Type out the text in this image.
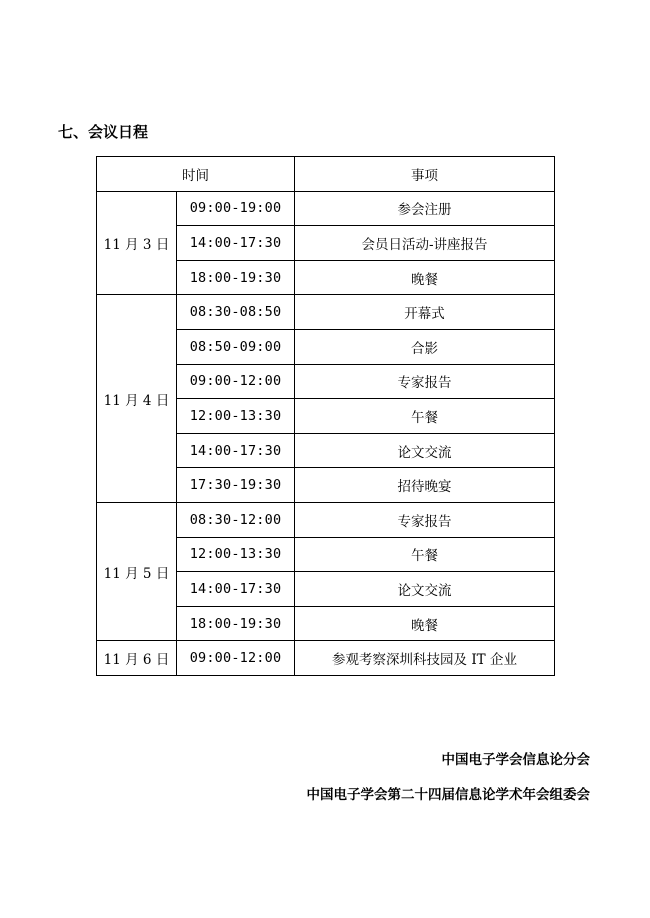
七、会议日程
时间		事项
11 月 3 日	09:00-19:00	参会注册
	14:00-17:30	会员日活动-讲座报告
	18:00-19:30	晚餐
11 月 4 日	08:30-08:50	开幕式
	08:50-09:00	合影
	09:00-12:00	专家报告
	12:00-13:30	午餐
	14:00-17:30	论文交流
	17:30-19:30	招待晚宴
11 月 5 日	08:30-12:00	专家报告
	12:00-13:30	午餐
	14:00-17:30	论文交流
	18:00-19:30	晚餐
11 月 6 日	09:00-12:00	参观考察深圳科技园及 IT 企业
中国电子学会信息论分会
中国电子学会第二十四届信息论学术年会组委会
